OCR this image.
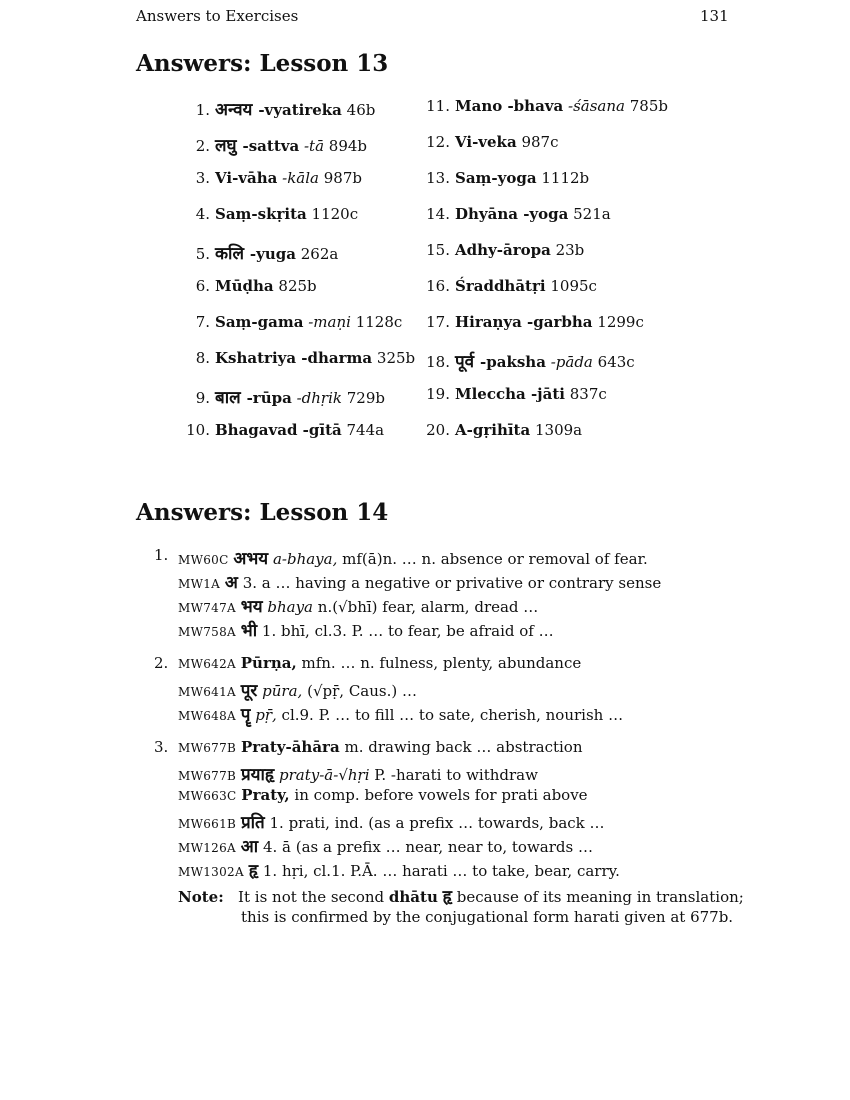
Answers to Exercises	131
Answers: Lesson 13
1. अन्वय -vyatireka 46b
2. लघु -sattva -tā 894b
3. Vi-vāha -kāla 987b
4. Saṃ-skṛita 1120c
5. कलि -yuga 262a
6. Mūḍha 825b
7. Saṃ-gama -maṇi 1128c
8. Kshatriya -dharma 325b
9. बाल -rūpa -dhṛik 729b
10. Bhagavad -gītā 744a
11. Mano -bhava -śāsana 785b
12. Vi-veka 987c
13. Saṃ-yoga 1112b
14. Dhyāna -yoga 521a
15. Adhy-āropa 23b
16. Śraddhātṛi 1095c
17. Hiraṇya -garbha 1299c
18. पूर्व -paksha -pāda 643c
19. Mleccha -jāti 837c
20. A-gṛihīta 1309a
Answers: Lesson 14
1. MW60C अभय a-bhaya, mf(ā)n. … n. absence or removal of fear.
MW1A अ 3. a … having a negative or privative or contrary sense
MW747A भय bhaya n.(√bhī) fear, alarm, dread …
MW758A भी 1. bhī, cl.3. P. … to fear, be afraid of …
2. MW642A Pūrṇa, mfn. … n. fulness, plenty, abundance
MW641A पूर pūra, (√pṝ, Caus.) …
MW648A पॄ pṝ, cl.9. P. … to fill … to sate, cherish, nourish …
3. MW677B Praty-āhāra m. drawing back … abstraction
MW677B प्रयाहृ praty-ā-√hṛi P. -harati to withdraw
MW663C Praty, in comp. before vowels for prati above
MW661B प्रति 1. prati, ind. (as a prefix … towards, back …
MW126A आ 4. ā (as a prefix … near, near to, towards …
MW1302A हृ 1. hṛi, cl.1. P.Ā. … harati … to take, bear, carry.
Note: It is not the second dhātu हृ because of its meaning in translation;
this is confirmed by the conjugational form harati given at 677b.
